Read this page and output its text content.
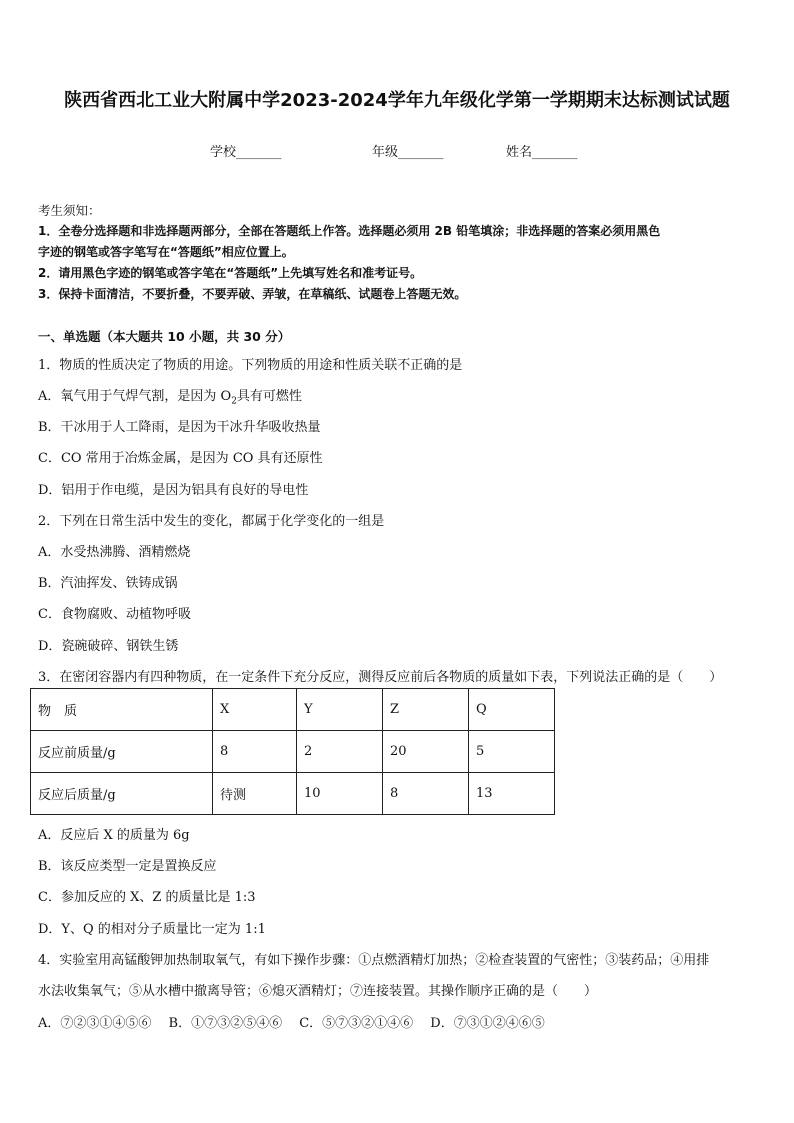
陕西省西北工业大附属中学2023-2024学年九年级化学第一学期期末达标测试试题
学校_______	年级_______	姓名_______
考生须知：
1．全卷分选择题和非选择题两部分，全部在答题纸上作答。选择题必须用 2B 铅笔填涂；非选择题的答案必须用黑色
字迹的钢笔或答字笔写在“答题纸”相应位置上。
2．请用黑色字迹的钢笔或答字笔在“答题纸”上先填写姓名和准考证号。
3．保持卡面清洁，不要折叠，不要弄破、弄皱，在草稿纸、试题卷上答题无效。
一、单选题（本大题共 10 小题，共 30 分）
1．物质的性质决定了物质的用途。下列物质的用途和性质关联不正确的是
A．氧气用于气焊气割，是因为 $O_2$具有可燃性
B．干冰用于人工降雨，是因为干冰升华吸收热量
C．CO 常用于冶炼金属，是因为 CO 具有还原性
D．铝用于作电缆，是因为铝具有良好的导电性
2．下列在日常生活中发生的变化，都属于化学变化的一组是
A．水受热沸腾、酒精燃烧
B．汽油挥发、铁铸成锅
C．食物腐败、动植物呼吸
D．瓷碗破碎、钢铁生锈
3．在密闭容器内有四种物质，在一定条件下充分反应，测得反应前后各物质的质量如下表，下列说法正确的是（　　）
物　质	X	Y	Z	Q
反应前质量/g	8	2	20	5
反应后质量/g	待测	10	8	13
A．反应后 X 的质量为 6g
B．该反应类型一定是置换反应
C．参加反应的 X、Z 的质量比是 1:3
D．Y、Q 的相对分子质量比一定为 1:1
4．实验室用高锰酸钾加热制取氧气，有如下操作步骤：①点燃酒精灯加热；②检查装置的气密性；③装药品；④用排
水法收集氧气；⑤从水槽中撤离导管；⑥熄灭酒精灯；⑦连接装置。其操作顺序正确的是（　　）
A．⑦②③①④⑤⑥　 B．①⑦③②⑤④⑥　 C．⑤⑦③②①④⑥　 D．⑦③①②④⑥⑤
